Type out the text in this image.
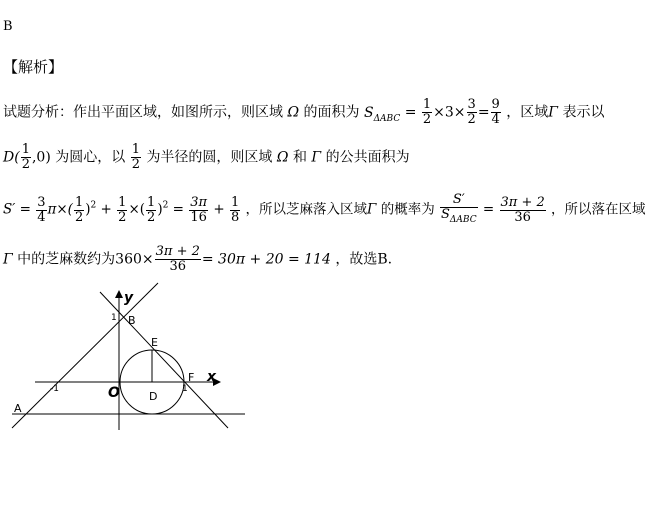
B
【解析】
试题分析：作出平面区域，如图所示，则区域 Ω 的面积为 $S_{\Delta ABC} = \frac{1}{2} \times 3\times \frac{3}{2} = \frac{9}{4}$ ，区域Γ 表示以
$D( \frac{1}{2} ,0)$ 为圆心，以 $\frac{1}{2}$ 为半径的圆，则区域 Ω 和 Γ 的公共面积为
$S' = \frac{3}{4} \pi\times( \frac{1}{2} )^2 + \frac{1}{2}$ ×( $\frac{1}{2} )^2 = \frac{3\pi}{16} + \frac{1}{8}$ ，所以芝麻落入区域Γ 的概率为 $\frac{S'}{S_{\Delta ABC}} = \frac{3\pi + 2}{36}$ ，所以落在区域
Γ 中的芝麻数约为$360\times \frac{3\pi + 2}{36} = 30\pi + 20 = 114$ ，故选B.
y
x
O
A
B
D
E
F
1
-1	1
